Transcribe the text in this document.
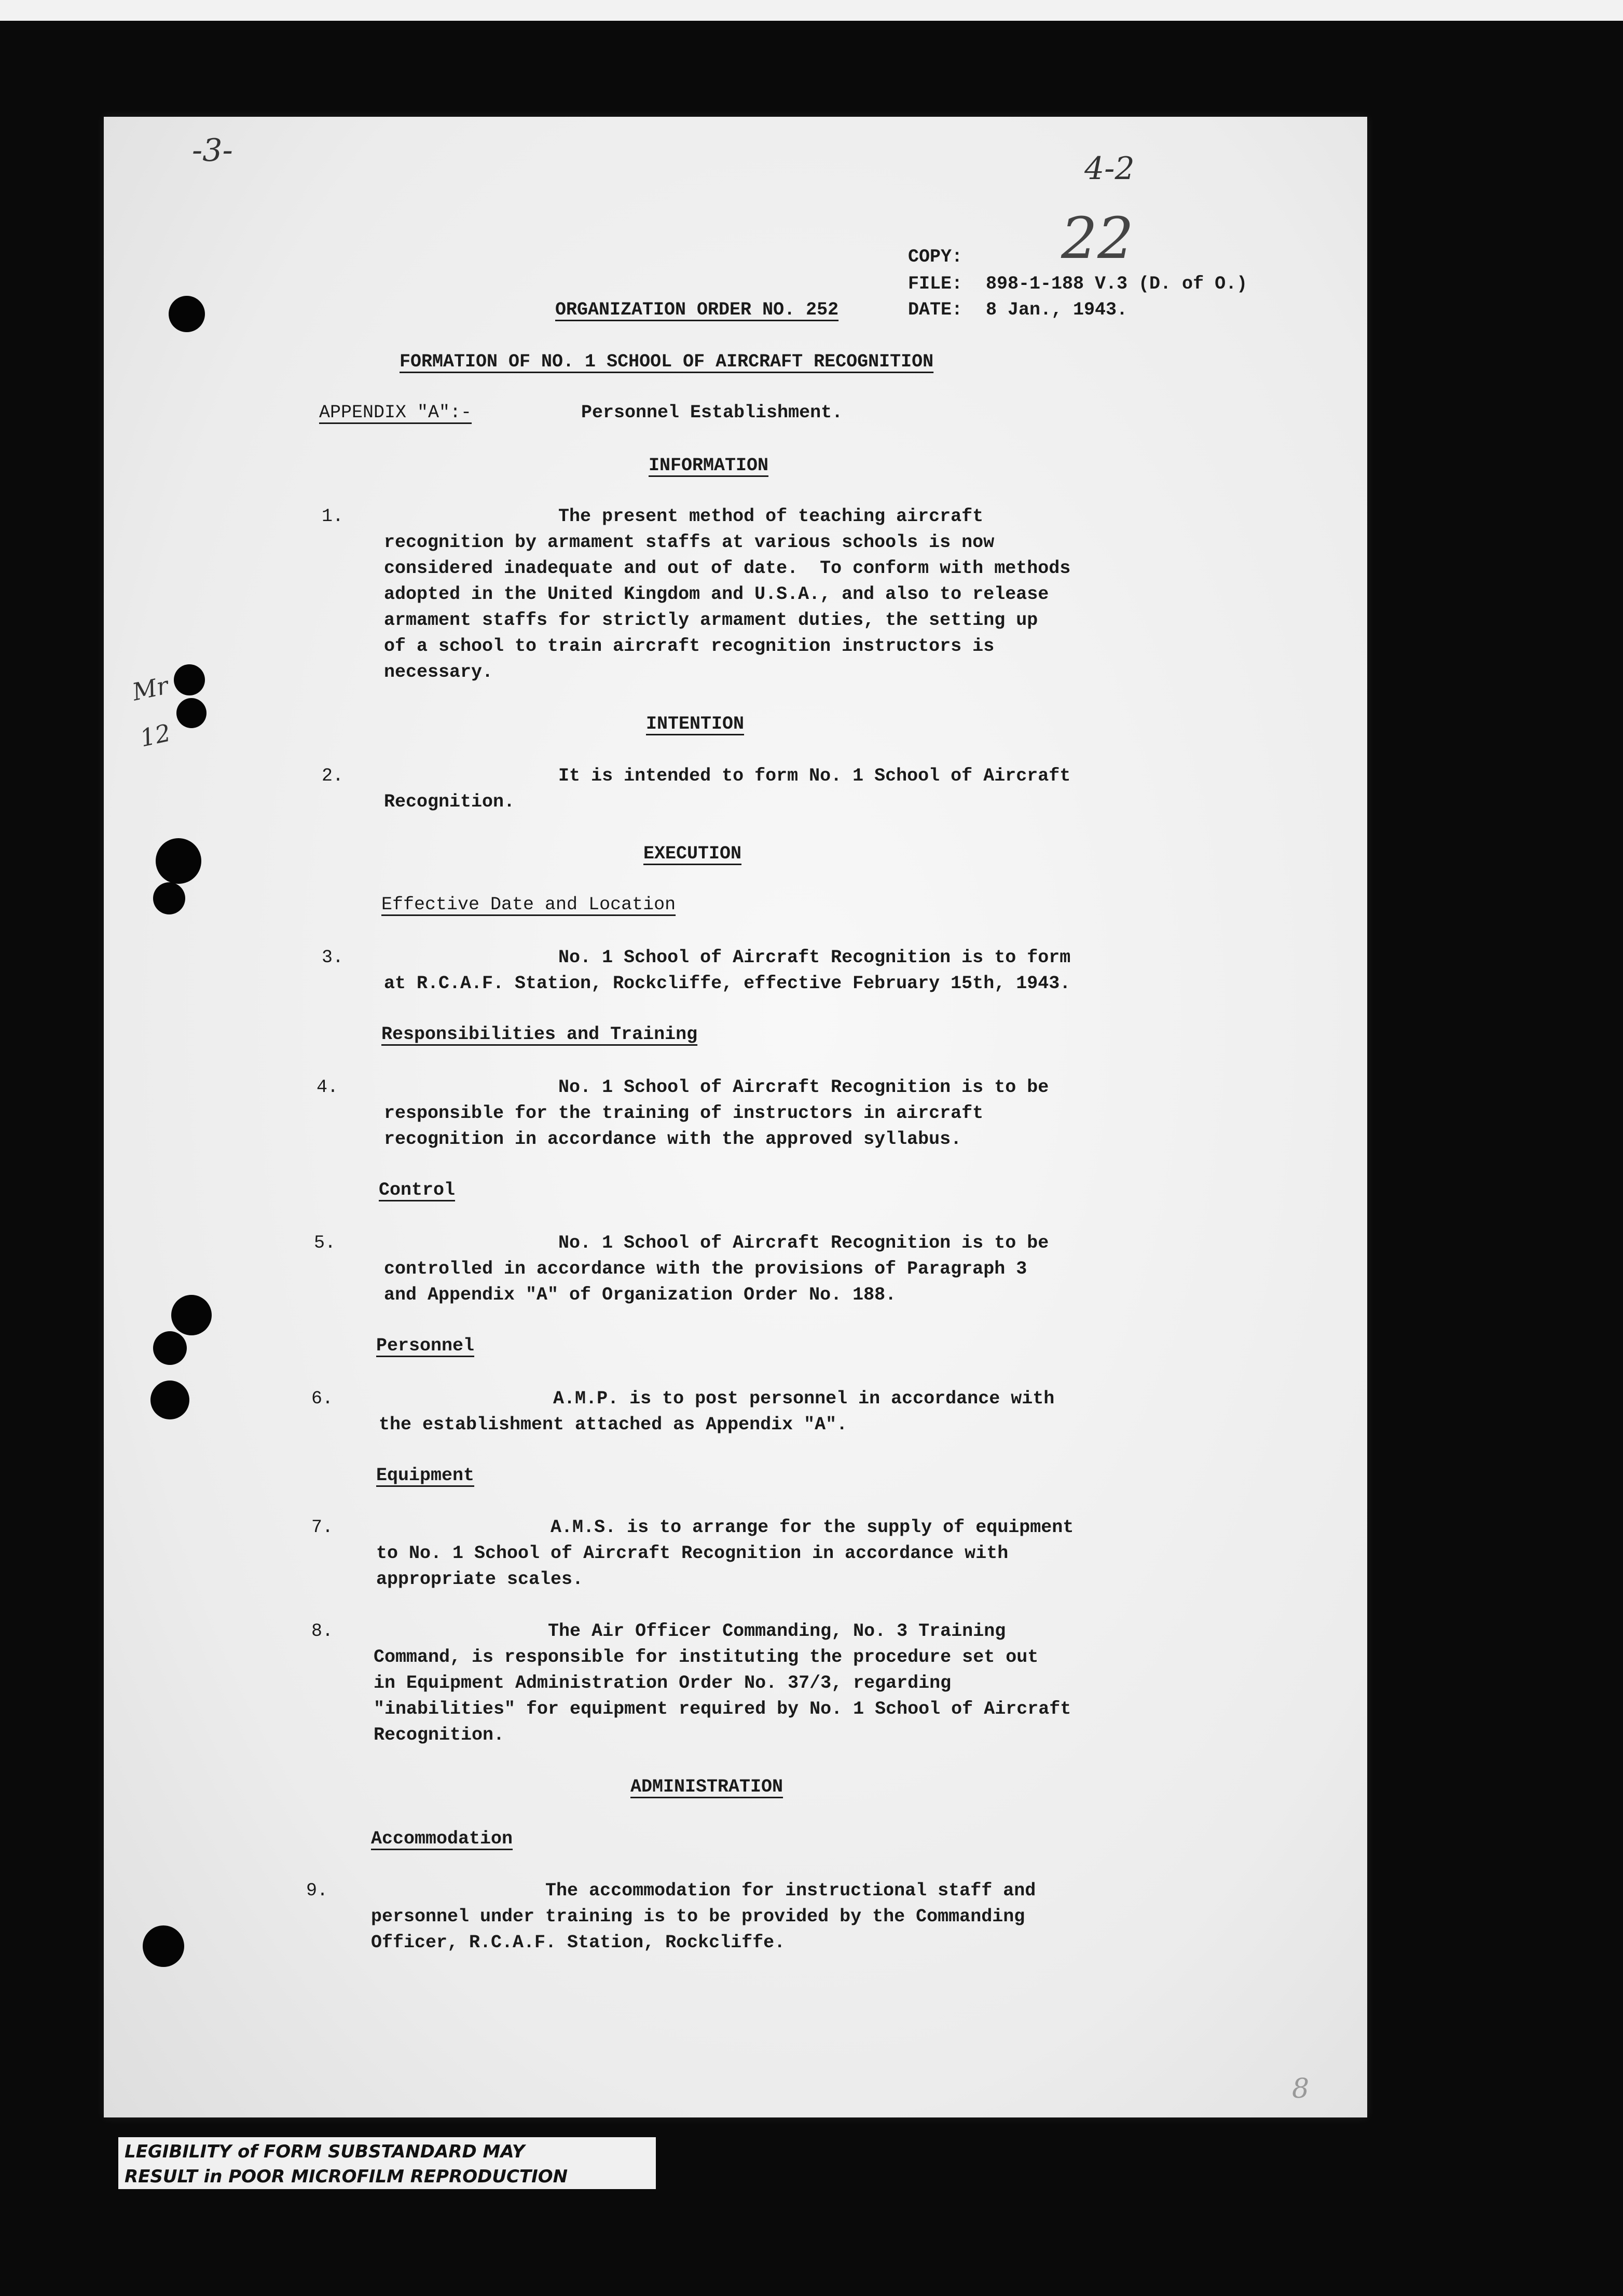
-3-	4-2
22
Mr
12
8
COPY:
FILE: 898-1-188 V.3 (D. of O.)
ORGANIZATION ORDER NO. 252	DATE: 8 Jan., 1943.
FORMATION OF NO. 1 SCHOOL OF AIRCRAFT RECOGNITION
APPENDIX "A":-	Personnel Establishment.
INFORMATION
1.	The present method of teaching aircraft
recognition by armament staffs at various schools is now
considered inadequate and out of date.  To conform with methods
adopted in the United Kingdom and U.S.A., and also to release
armament staffs for strictly armament duties, the setting up
of a school to train aircraft recognition instructors is
necessary.
INTENTION
2.	It is intended to form No. 1 School of Aircraft
Recognition.
EXECUTION
Effective Date and Location
3.	No. 1 School of Aircraft Recognition is to form
at R.C.A.F. Station, Rockcliffe, effective February 15th, 1943.
Responsibilities and Training
4.	No. 1 School of Aircraft Recognition is to be
responsible for the training of instructors in aircraft
recognition in accordance with the approved syllabus.
Control
5.	No. 1 School of Aircraft Recognition is to be
controlled in accordance with the provisions of Paragraph 3
and Appendix "A" of Organization Order No. 188.
Personnel
6.	A.M.P. is to post personnel in accordance with
the establishment attached as Appendix "A".
Equipment
7.	A.M.S. is to arrange for the supply of equipment
to No. 1 School of Aircraft Recognition in accordance with
appropriate scales.
8.	The Air Officer Commanding, No. 3 Training
Command, is responsible for instituting the procedure set out
in Equipment Administration Order No. 37/3, regarding
"inabilities" for equipment required by No. 1 School of Aircraft
Recognition.
ADMINISTRATION
Accommodation
9.	The accommodation for instructional staff and
personnel under training is to be provided by the Commanding
Officer, R.C.A.F. Station, Rockcliffe.
LEGIBILITY of FORM SUBSTANDARD MAY
RESULT in POOR MICROFILM REPRODUCTION
